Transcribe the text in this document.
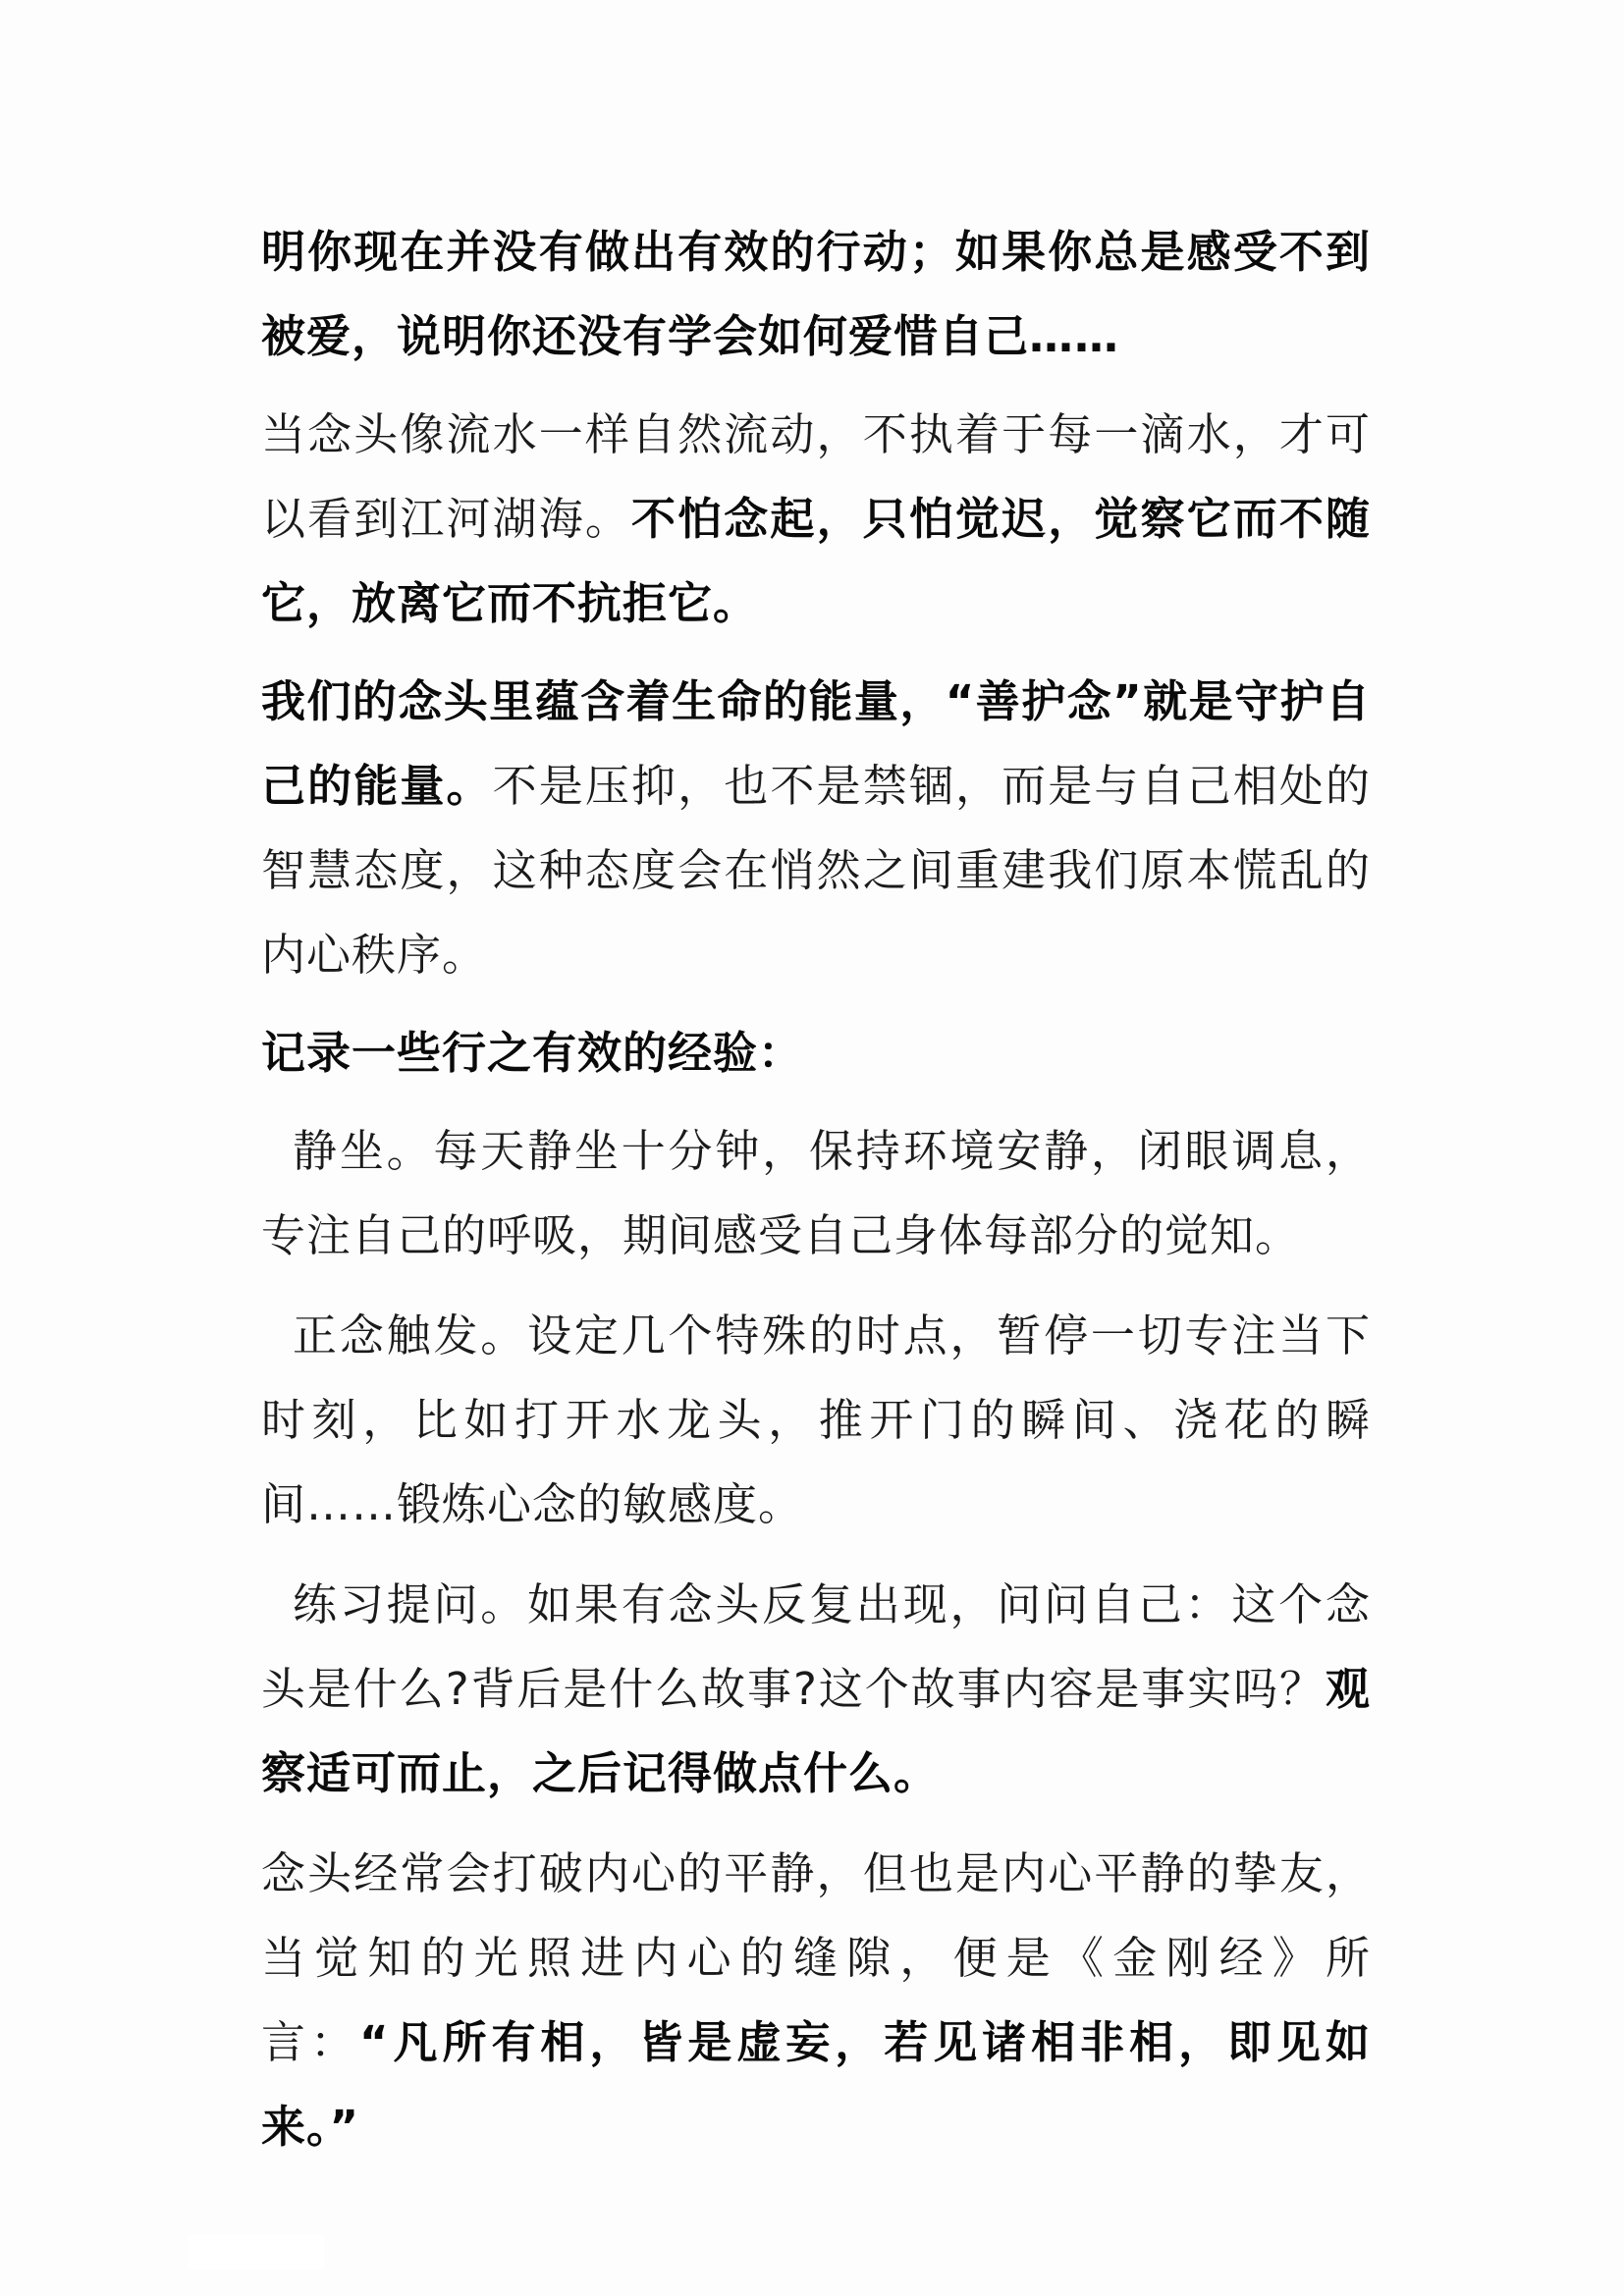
明你现在并没有做出有效的行动；如果你总是感受不到被爱，说明你还没有学会如何爱惜自己……

当念头像流水一样自然流动，不执着于每一滴水，才可以看到江河湖海。不怕念起，只怕觉迟，觉察它而不随它，放离它而不抗拒它。

我们的念头里蕴含着生命的能量，“善护念”就是守护自己的能量。不是压抑，也不是禁锢，而是与自己相处的智慧态度，这种态度会在悄然之间重建我们原本慌乱的内心秩序。

记录一些行之有效的经验：

静坐。每天静坐十分钟，保持环境安静，闭眼调息，专注自己的呼吸，期间感受自己身体每部分的觉知。

正念触发。设定几个特殊的时点，暂停一切专注当下时刻，比如打开水龙头，推开门的瞬间、浇花的瞬间……锻炼心念的敏感度。

练习提问。如果有念头反复出现，问问自己：这个念头是什么?背后是什么故事?这个故事内容是事实吗？观察适可而止，之后记得做点什么。

念头经常会打破内心的平静，但也是内心平静的挚友，当觉知的光照进内心的缝隙，便是《金刚经》所言：“凡所有相，皆是虚妄，若见诸相非相，即见如来。”
